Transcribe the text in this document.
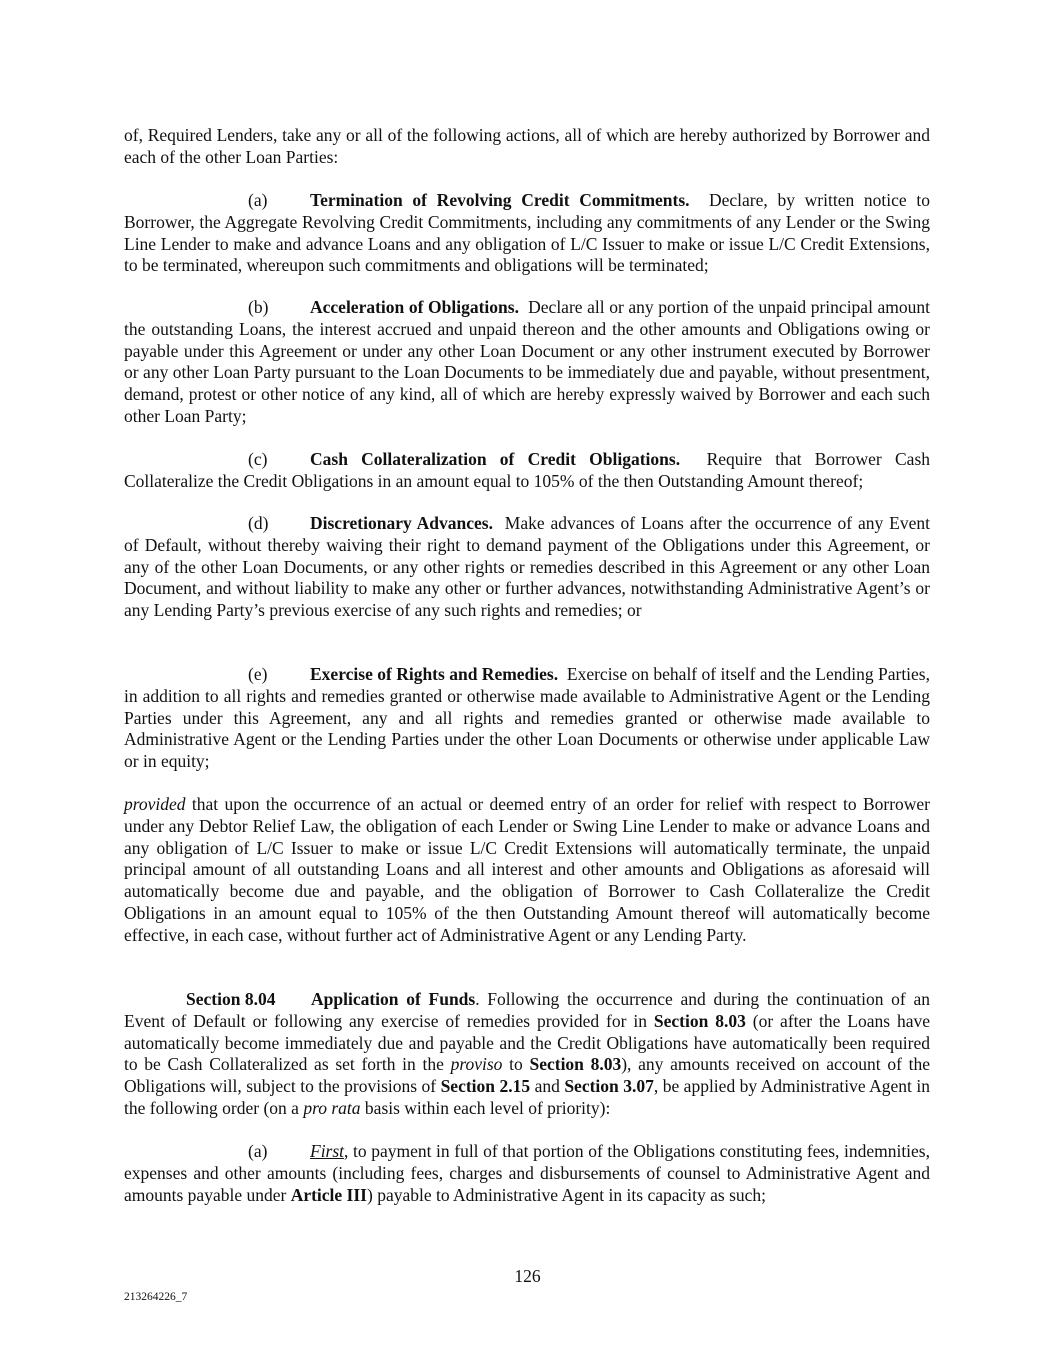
of, Required Lenders, take any or all of the following actions, all of which are hereby authorized by Borrower and each of the other Loan Parties:

(a) Termination of Revolving Credit Commitments. Declare, by written notice to Borrower, the Aggregate Revolving Credit Commitments, including any commitments of any Lender or the Swing Line Lender to make and advance Loans and any obligation of L/C Issuer to make or issue L/C Credit Extensions, to be terminated, whereupon such commitments and obligations will be terminated;

(b) Acceleration of Obligations. Declare all or any portion of the unpaid principal amount the outstanding Loans, the interest accrued and unpaid thereon and the other amounts and Obligations owing or payable under this Agreement or under any other Loan Document or any other instrument executed by Borrower or any other Loan Party pursuant to the Loan Documents to be immediately due and payable, without presentment, demand, protest or other notice of any kind, all of which are hereby expressly waived by Borrower and each such other Loan Party;

(c) Cash Collateralization of Credit Obligations. Require that Borrower Cash Collateralize the Credit Obligations in an amount equal to 105% of the then Outstanding Amount thereof;

(d) Discretionary Advances. Make advances of Loans after the occurrence of any Event of Default, without thereby waiving their right to demand payment of the Obligations under this Agreement, or any of the other Loan Documents, or any other rights or remedies described in this Agreement or any other Loan Document, and without liability to make any other or further advances, notwithstanding Administrative Agent’s or any Lending Party’s previous exercise of any such rights and remedies; or

(e) Exercise of Rights and Remedies. Exercise on behalf of itself and the Lending Parties, in addition to all rights and remedies granted or otherwise made available to Administrative Agent or the Lending Parties under this Agreement, any and all rights and remedies granted or otherwise made available to Administrative Agent or the Lending Parties under the other Loan Documents or otherwise under applicable Law or in equity;

provided that upon the occurrence of an actual or deemed entry of an order for relief with respect to Borrower under any Debtor Relief Law, the obligation of each Lender or Swing Line Lender to make or advance Loans and any obligation of L/C Issuer to make or issue L/C Credit Extensions will automatically terminate, the unpaid principal amount of all outstanding Loans and all interest and other amounts and Obligations as aforesaid will automatically become due and payable, and the obligation of Borrower to Cash Collateralize the Credit Obligations in an amount equal to 105% of the then Outstanding Amount thereof will automatically become effective, in each case, without further act of Administrative Agent or any Lending Party.

Section 8.04 Application of Funds. Following the occurrence and during the continuation of an Event of Default or following any exercise of remedies provided for in Section 8.03 (or after the Loans have automatically become immediately due and payable and the Credit Obligations have automatically been required to be Cash Collateralized as set forth in the proviso to Section 8.03), any amounts received on account of the Obligations will, subject to the provisions of Section 2.15 and Section 3.07, be applied by Administrative Agent in the following order (on a pro rata basis within each level of priority):

(a) First, to payment in full of that portion of the Obligations constituting fees, indemnities, expenses and other amounts (including fees, charges and disbursements of counsel to Administrative Agent and amounts payable under Article III) payable to Administrative Agent in its capacity as such;

126
213264226_7
